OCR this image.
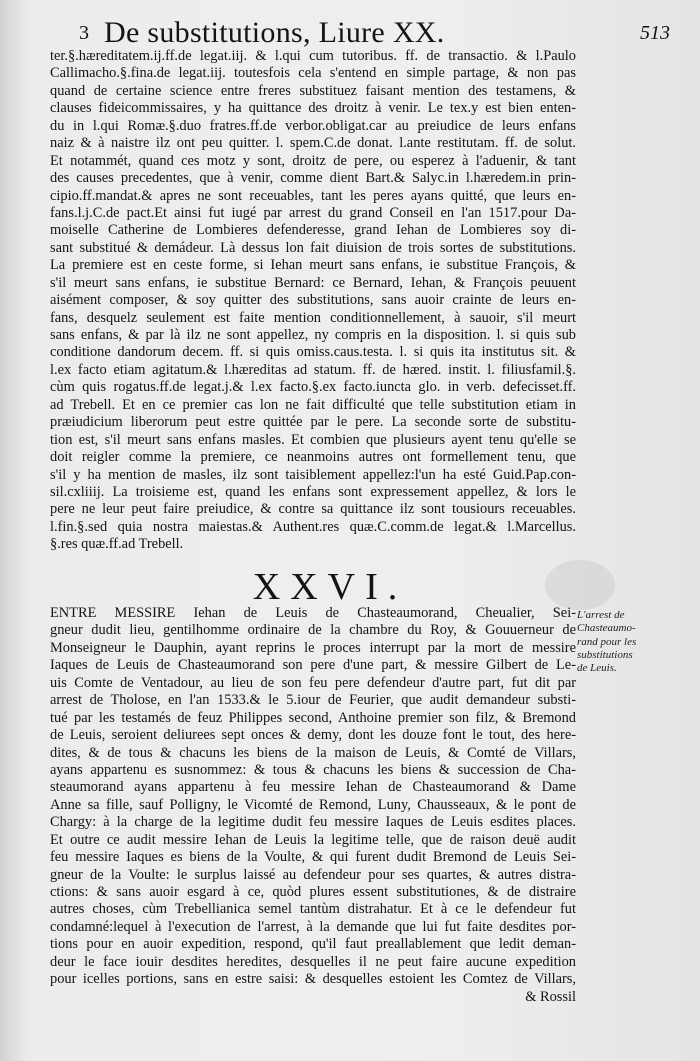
3 De substitutions, Liure XX.	513
ter.§.hæreditatem.ij.ff.de legat.iij. & l.qui cum tutoribus. ff. de transactio. & l.Paulo
Callimacho.§.fina.de legat.iij. toutesfois cela s'entend en simple partage, & non pas
quand de certaine science entre freres substituez faisant mention des testamens, &
clauses fideicommissaires, y ha quittance des droitz à venir. Le tex.y est bien enten-
du in l.qui Romæ.§.duo fratres.ff.de verbor.obligat.car au preiudice de leurs enfans
naiz & à naistre ilz ont peu quitter. l. spem.C.de donat. l.ante restitutam. ff. de solut.
Et notammét, quand ces motz y sont, droitz de pere, ou esperez à l'aduenir, & tant
des causes precedentes, que à venir, comme dient Bart.& Salyc.in l.hæredem.in prin-
cipio.ff.mandat.& apres ne sont receuables, tant les peres ayans quitté, que leurs en-
fans.l.j.C.de pact.Et ainsi fut iugé par arrest du grand Conseil en l'an 1517.pour Da-
moiselle Catherine de Lombieres defenderesse, grand Iehan de Lombieres soy di-
sant substitué & demádeur. Là dessus lon fait diuision de trois sortes de substitutions.
La premiere est en ceste forme, si Iehan meurt sans enfans, ie substitue François, &
s'il meurt sans enfans, ie substitue Bernard: ce Bernard, Iehan, & François peuuent
aisément composer, & soy quitter des substitutions, sans auoir crainte de leurs en-
fans, desquelz seulement est faite mention conditionnellement, à sauoir, s'il meurt
sans enfans, & par là ilz ne sont appellez, ny compris en la disposition. l. si quis sub
conditione dandorum decem. ff. si quis omiss.caus.testa. l. si quis ita institutus sit. &
l.ex facto etiam agitatum.& l.hæreditas ad statum. ff. de hæred. instit. l. filiusfamil.§.
cùm quis rogatus.ff.de legat.j.& l.ex facto.§.ex facto.iuncta glo. in verb. defecisset.ff.
ad Trebell. Et en ce premier cas lon ne fait difficulté que telle substitution etiam in
præiudicium liberorum peut estre quittée par le pere. La seconde sorte de substitu-
tion est, s'il meurt sans enfans masles. Et combien que plusieurs ayent tenu qu'elle se
doit reigler comme la premiere, ce neanmoins autres ont formellement tenu, que
s'il y ha mention de masles, ilz sont taisiblement appellez:l'un ha esté Guid.Pap.con-
sil.cxliiij. La troisieme est, quand les enfans sont expressement appellez, & lors le
pere ne leur peut faire preiudice, & contre sa quittance ilz sont tousiours receuables.
l.fin.§.sed quia nostra maiestas.& Authent.res quæ.C.comm.de legat.& l.Marcellus.
§.res quæ.ff.ad Trebell.
XXVI.
ENTRE MESSIRE Iehan de Leuis de Chasteaumorand, Cheualier, Sei-
gneur dudit lieu, gentilhomme ordinaire de la chambre du Roy, & Gouuerneur de
Monseigneur le Dauphin, ayant reprins le proces interrupt par la mort de messire
Iaques de Leuis de Chasteaumorand son pere d'une part, & messire Gilbert de Le-
uis Comte de Ventadour, au lieu de son feu pere defendeur d'autre part, fut dit par
arrest de Tholose, en l'an 1533.& le 5.iour de Feurier, que audit demandeur substi-
tué par les testamés de feuz Philippes second, Anthoine premier son filz, & Bremond
de Leuis, seroient deliurees sept onces & demy, dont les douze font le tout, des here-
dites, & de tous & chacuns les biens de la maison de Leuis, & Comté de Villars,
ayans appartenu es susnommez: & tous & chacuns les biens & succession de Cha-
steaumorand ayans appartenu à feu messire Iehan de Chasteaumorand & Dame
Anne sa fille, sauf Polligny, le Vicomté de Remond, Luny, Chausseaux, & le pont de
Chargy: à la charge de la legitime dudit feu messire Iaques de Leuis esdites places.
Et outre ce audit messire Iehan de Leuis la legitime telle, que de raison deuë audit
feu messire Iaques es biens de la Voulte, & qui furent dudit Bremond de Leuis Sei-
gneur de la Voulte: le surplus laissé au defendeur pour ses quartes, & autres distra-
ctions: & sans auoir esgard à ce, quòd plures essent substitutiones, & de distraire
autres choses, cùm Trebellianica semel tantùm distrahatur. Et à ce le defendeur fut
condamné:lequel à l'execution de l'arrest, à la demande que lui fut faite desdites por-
tions pour en auoir expedition, respond, qu'il faut preallablement que ledit deman-
deur le face iouir desdites heredites, desquelles il ne peut faire aucune expedition
pour icelles portions, sans en estre saisi: & desquelles estoient les Comtez de Villars,
& Rossil
L'arrest de
Chasteaumo-
rand pour les
substitutions
de Leuis.
